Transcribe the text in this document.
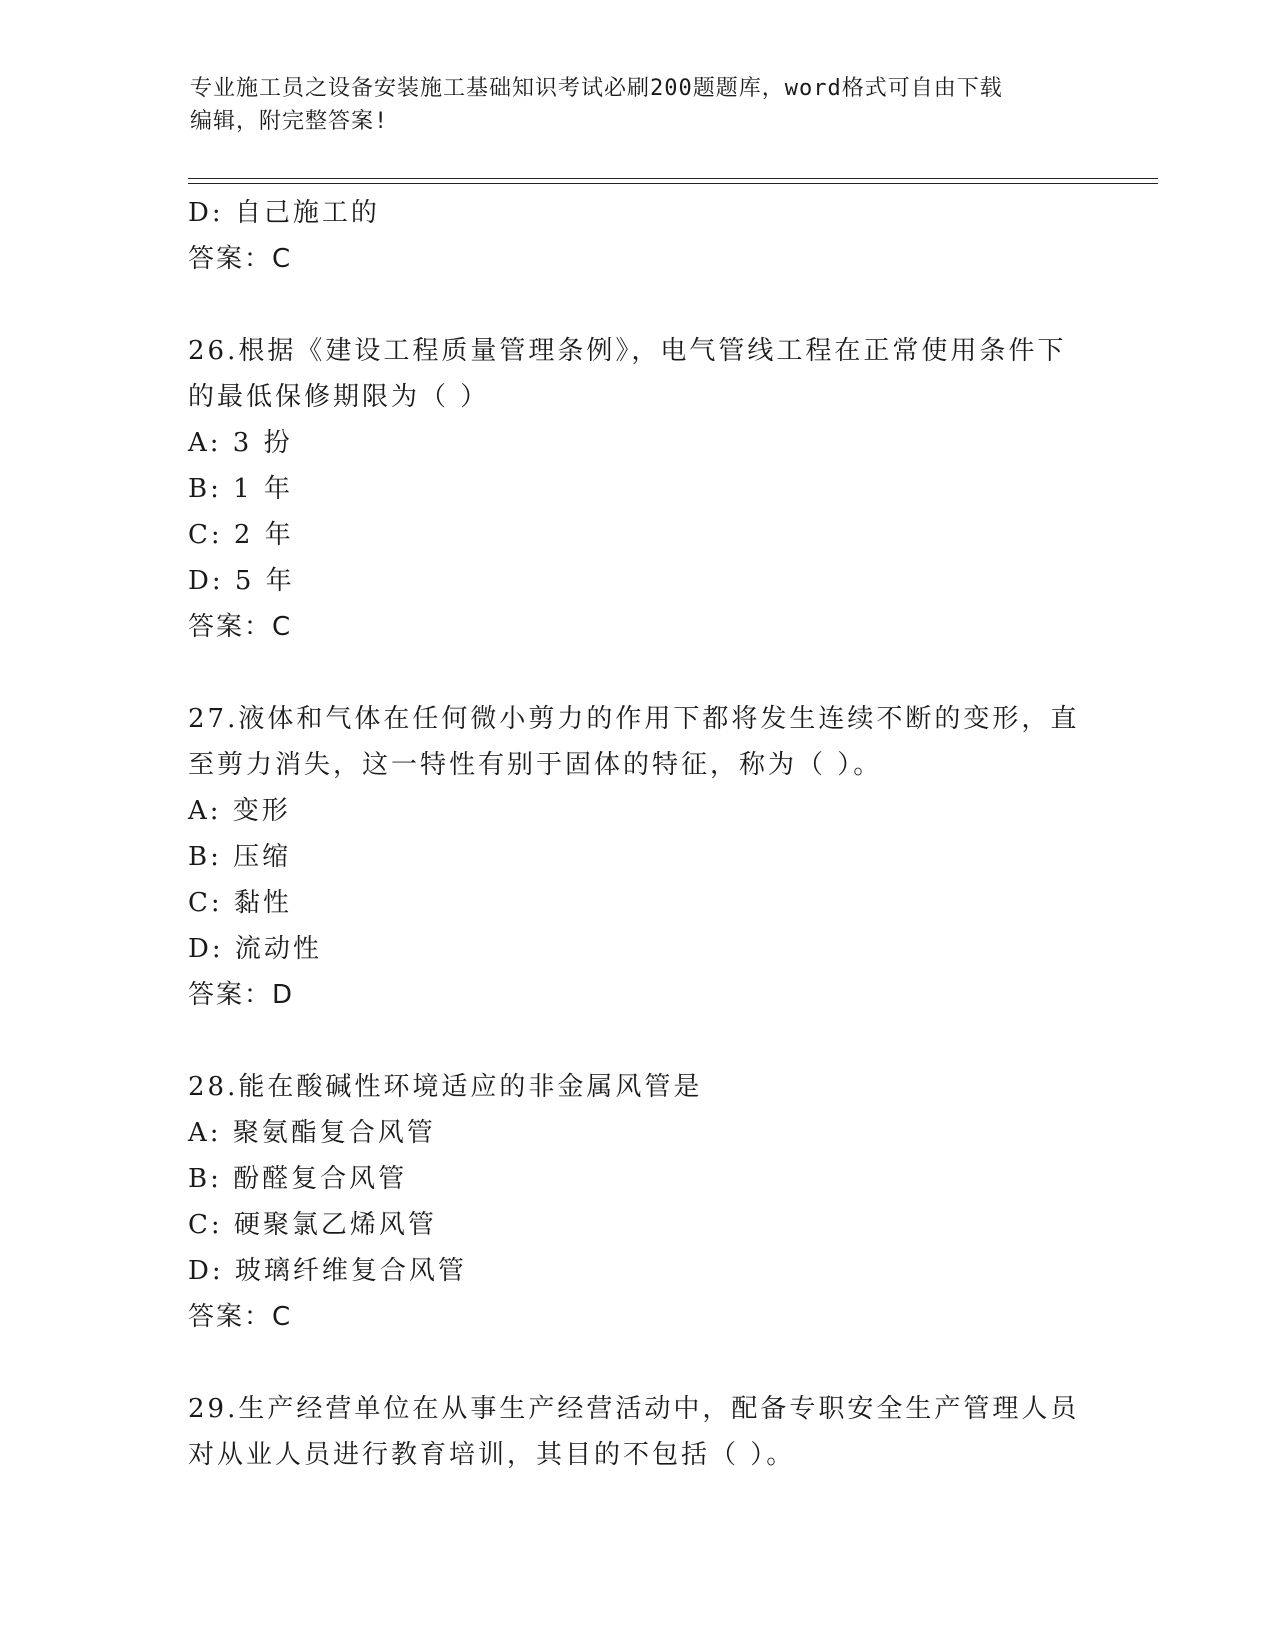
专业施工员之设备安装施工基础知识考试必刷200题题库，word格式可自由下载
编辑，附完整答案!
D: 自己施工的
答案：C
26.根据《建设工程质量管理条例》，电气管线工程在正常使用条件下
的最低保修期限为（ ）
A: 3 扮
B: 1 年
C: 2 年
D: 5 年
答案：C
27.液体和气体在任何微小剪力的作用下都将发生连续不断的变形，直
至剪力消失，这一特性有别于固体的特征，称为（ ）。
A: 变形
B: 压缩
C: 黏性
D: 流动性
答案：D
28.能在酸碱性环境适应的非金属风管是
A: 聚氨酯复合风管
B: 酚醛复合风管
C: 硬聚氯乙烯风管
D: 玻璃纤维复合风管
答案：C
29.生产经营单位在从事生产经营活动中，配备专职安全生产管理人员
对从业人员进行教育培训，其目的不包括（ ）。
